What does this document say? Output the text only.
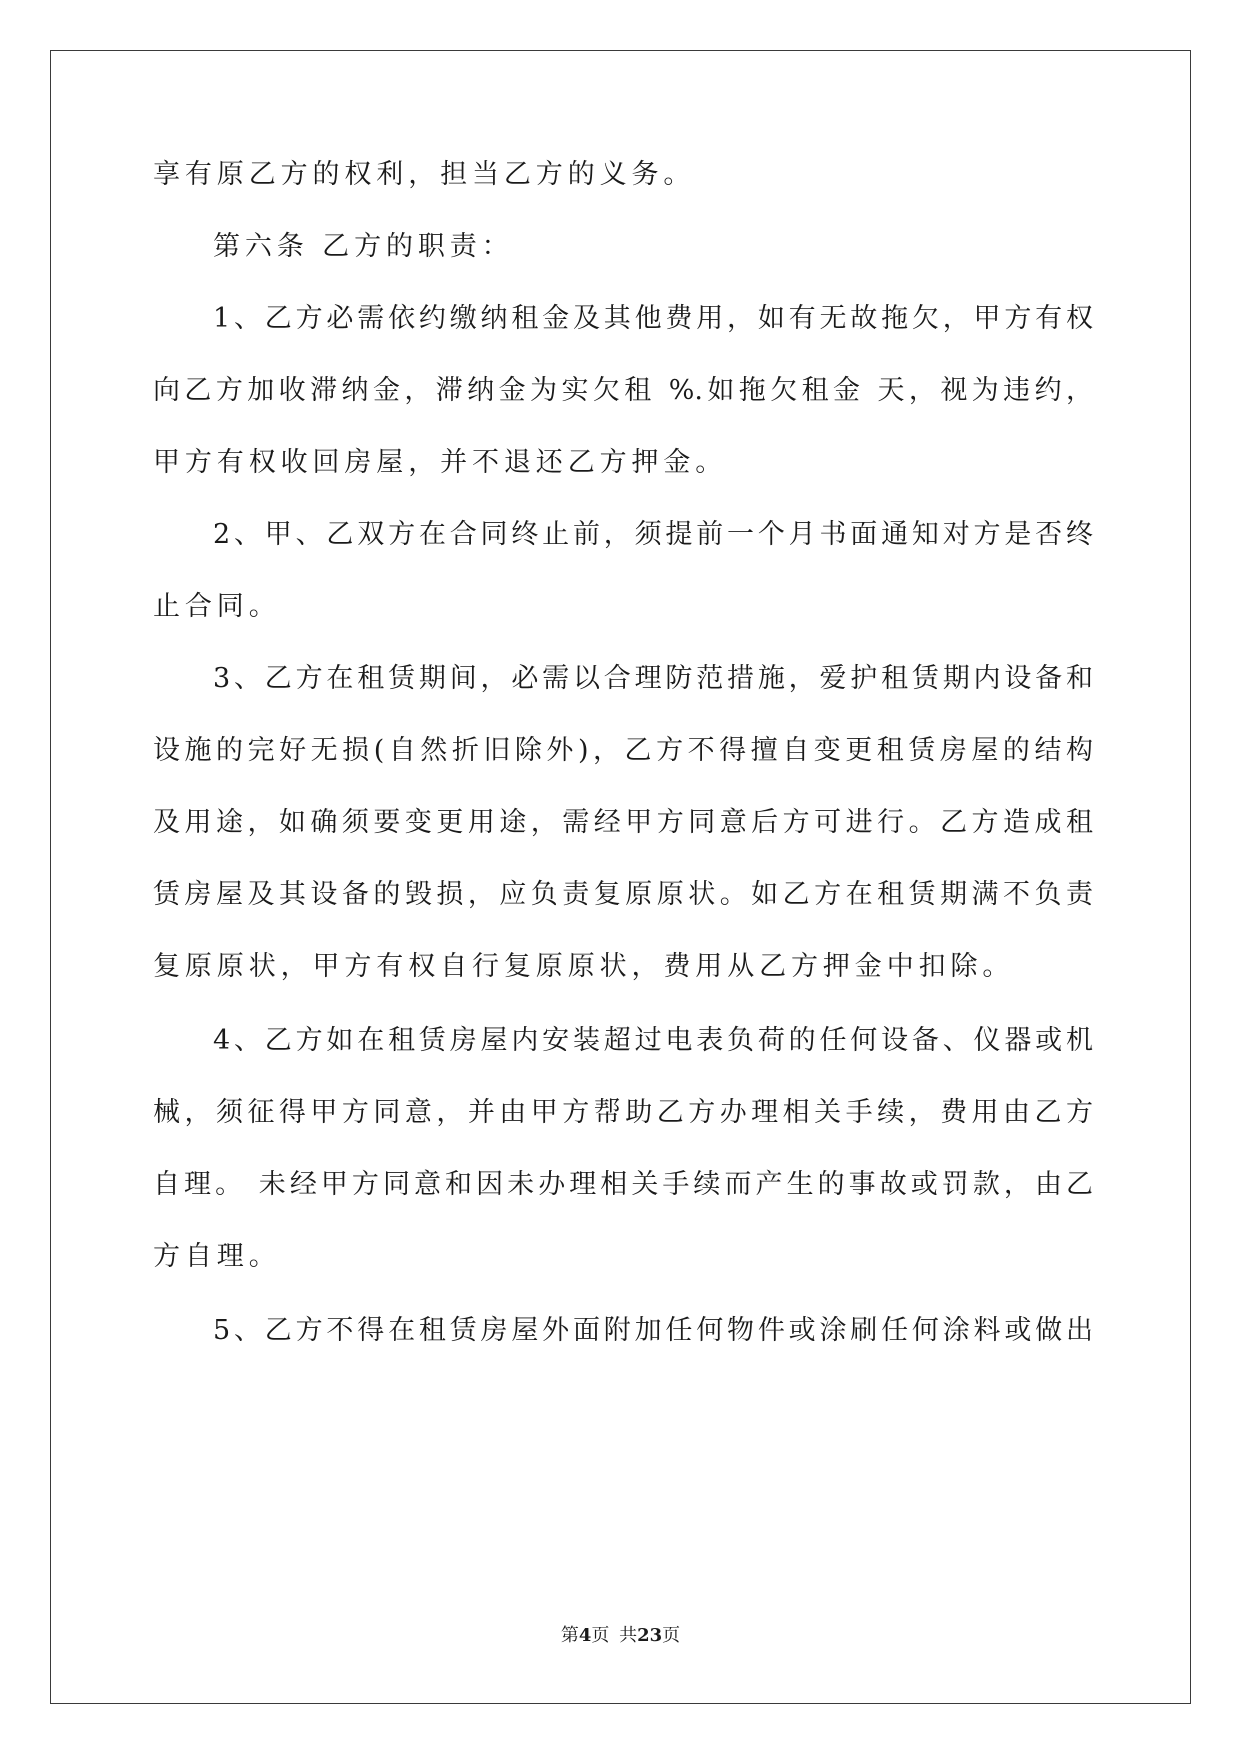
享有原乙方的权利，担当乙方的义务。
第六条 乙方的职责：
1、乙方必需依约缴纳租金及其他费用，如有无故拖欠，甲方有权
向乙方加收滞纳金，滞纳金为实欠租 %.如拖欠租金 天，视为违约，
甲方有权收回房屋，并不退还乙方押金。
2、甲、乙双方在合同终止前，须提前一个月书面通知对方是否终
止合同。
3、乙方在租赁期间，必需以合理防范措施，爱护租赁期内设备和
设施的完好无损(自然折旧除外)，乙方不得擅自变更租赁房屋的结构
及用途，如确须要变更用途，需经甲方同意后方可进行。乙方造成租
赁房屋及其设备的毁损，应负责复原原状。如乙方在租赁期满不负责
复原原状，甲方有权自行复原原状，费用从乙方押金中扣除。
4、乙方如在租赁房屋内安装超过电表负荷的任何设备、仪器或机
械，须征得甲方同意，并由甲方帮助乙方办理相关手续，费用由乙方
自理。 未经甲方同意和因未办理相关手续而产生的事故或罚款，由乙
方自理。
5、乙方不得在租赁房屋外面附加任何物件或涂刷任何涂料或做出
第4页 共23页
